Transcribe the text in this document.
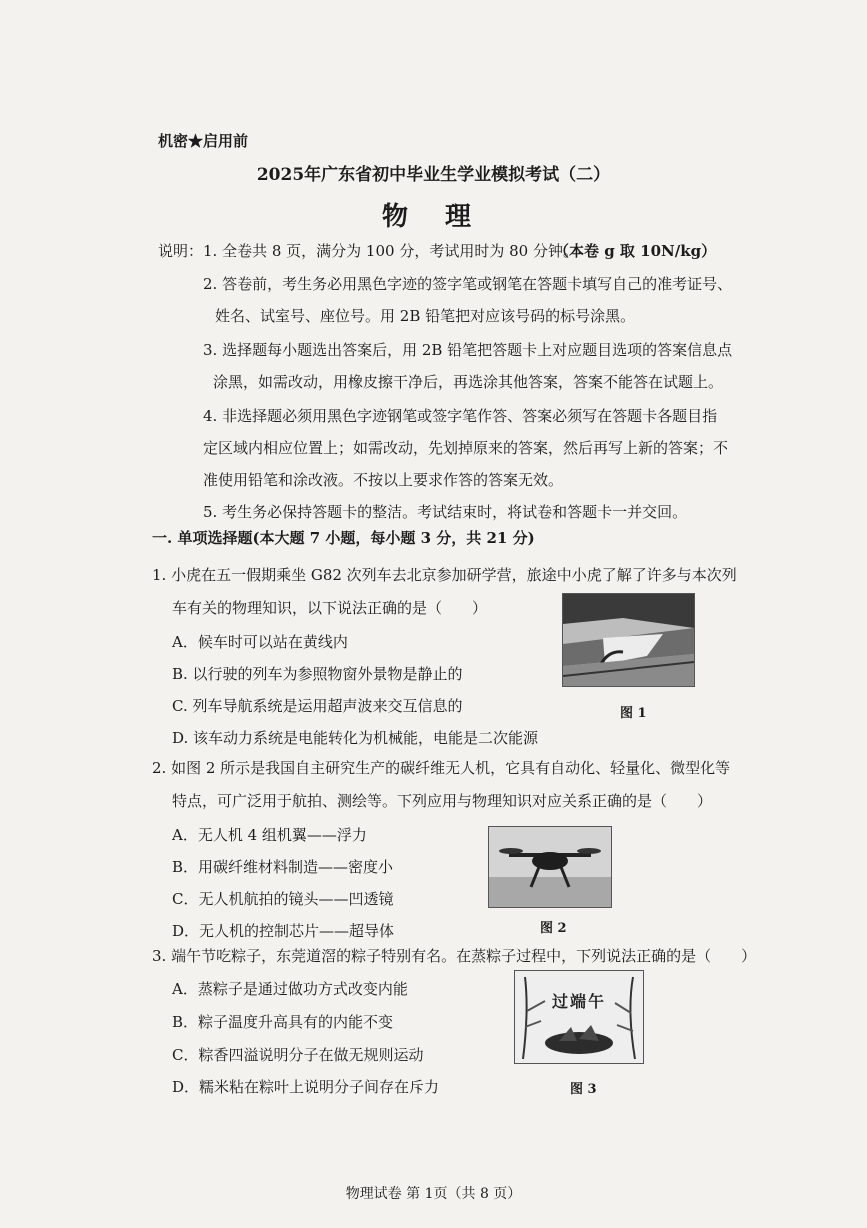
机密★启用前
2025年广东省初中毕业生学业模拟考试（二）
物 理
说明：1. 全卷共 8 页，满分为 100 分，考试用时为 80 分钟。
（本卷 g 取 10N/kg）
2. 答卷前，考生务必用黑色字迹的签字笔或钢笔在答题卡填写自己的准考证号、
姓名、试室号、座位号。用 2B 铅笔把对应该号码的标号涂黑。
3. 选择题每小题选出答案后，用 2B 铅笔把答题卡上对应题目选项的答案信息点
涂黑，如需改动，用橡皮擦干净后，再选涂其他答案，答案不能答在试题上。
4. 非选择题必须用黑色字迹钢笔或签字笔作答、答案必须写在答题卡各题目指
定区域内相应位置上；如需改动，先划掉原来的答案，然后再写上新的答案；不
准使用铅笔和涂改液。不按以上要求作答的答案无效。
5. 考生务必保持答题卡的整洁。考试结束时，将试卷和答题卡一并交回。
一. 单项选择题(本大题 7 小题，每小题 3 分，共 21 分)
1. 小虎在五一假期乘坐 G82 次列车去北京参加研学营，旅途中小虎了解了许多与本次列
车有关的物理知识，以下说法正确的是（　　）
A．候车时可以站在黄线内
B. 以行驶的列车为参照物窗外景物是静止的
C. 列车导航系统是运用超声波来交互信息的
D. 该车动力系统是电能转化为机械能，电能是二次能源
图 1
2. 如图 2 所示是我国自主研究生产的碳纤维无人机，它具有自动化、轻量化、微型化等
特点，可广泛用于航拍、测绘等。下列应用与物理知识对应关系正确的是（　　）
A．无人机 4 组机翼——浮力
B．用碳纤维材料制造——密度小
C．无人机航拍的镜头——凹透镜
D．无人机的控制芯片——超导体	图 2
3. 端午节吃粽子，东莞道滘的粽子特别有名。在蒸粽子过程中，下列说法正确的是（　　）
A．蒸粽子是通过做功方式改变内能
B．粽子温度升高具有的内能不变
C．粽香四溢说明分子在做无规则运动
D．糯米粘在粽叶上说明分子间存在斥力
过端午
图 3
物理试卷 第 1页（共 8 页）
